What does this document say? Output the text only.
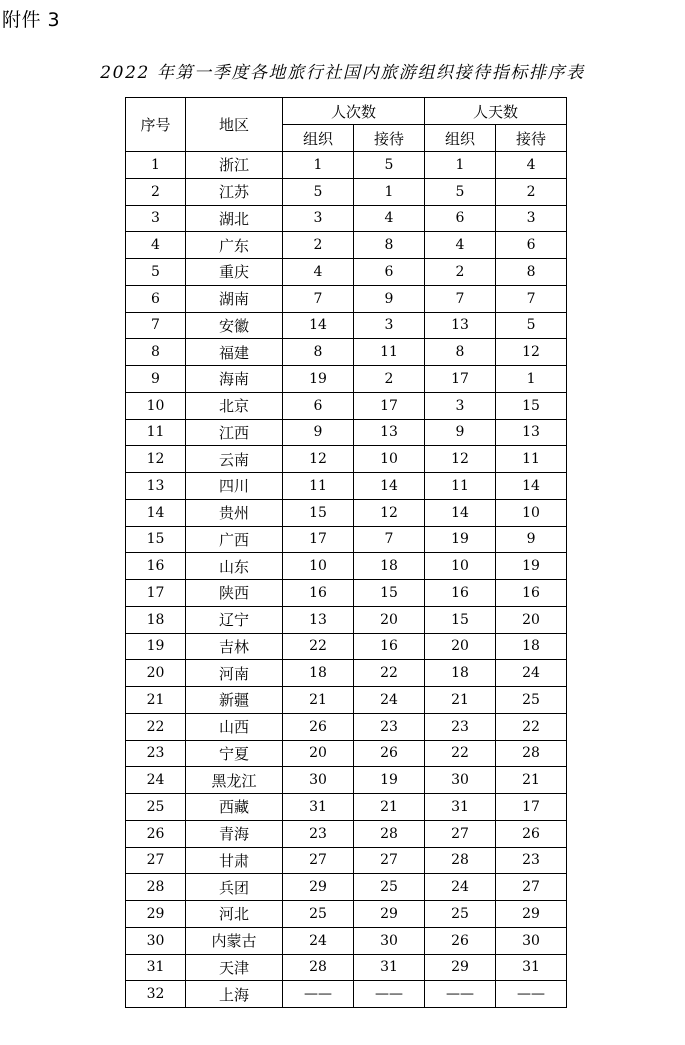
附件 3
2022 年第一季度各地旅行社国内旅游组织接待指标排序表
序号	地区	人次数		人天数	
		组织	接待	组织	接待
1	浙江	1	5	1	4
2	江苏	5	1	5	2
3	湖北	3	4	6	3
4	广东	2	8	4	6
5	重庆	4	6	2	8
6	湖南	7	9	7	7
7	安徽	14	3	13	5
8	福建	8	11	8	12
9	海南	19	2	17	1
10	北京	6	17	3	15
11	江西	9	13	9	13
12	云南	12	10	12	11
13	四川	11	14	11	14
14	贵州	15	12	14	10
15	广西	17	7	19	9
16	山东	10	18	10	19
17	陕西	16	15	16	16
18	辽宁	13	20	15	20
19	吉林	22	16	20	18
20	河南	18	22	18	24
21	新疆	21	24	21	25
22	山西	26	23	23	22
23	宁夏	20	26	22	28
24	黑龙江	30	19	30	21
25	西藏	31	21	31	17
26	青海	23	28	27	26
27	甘肃	27	27	28	23
28	兵团	29	25	24	27
29	河北	25	29	25	29
30	内蒙古	24	30	26	30
31	天津	28	31	29	31
32	上海	——	——	——	——
